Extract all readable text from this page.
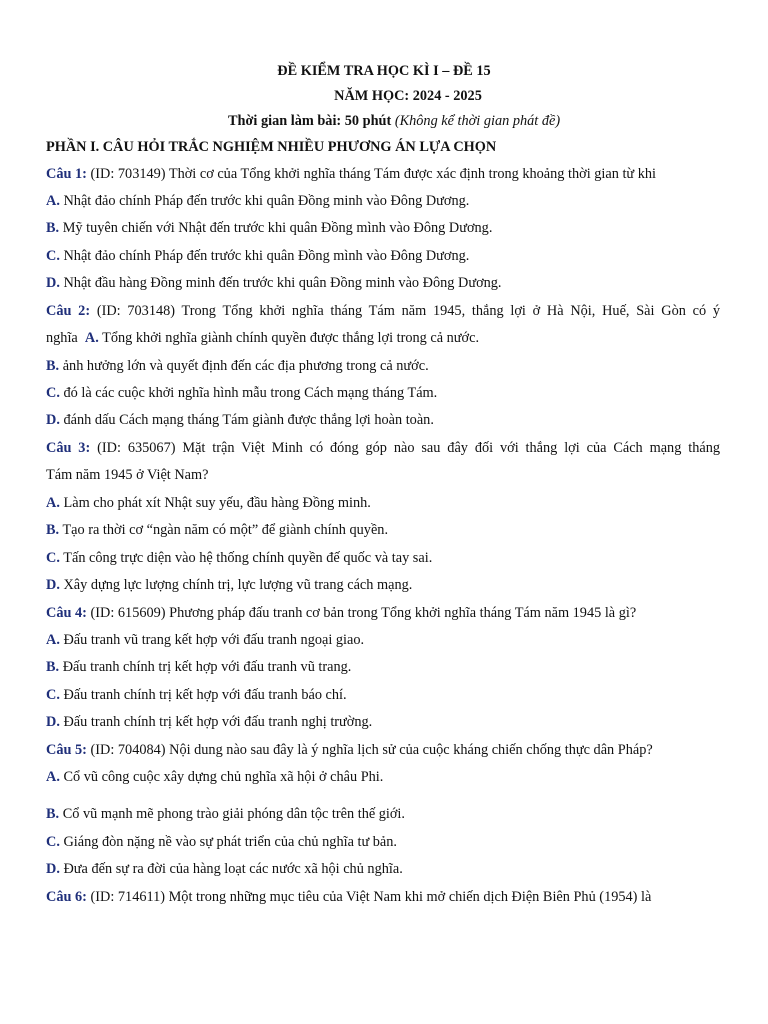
ĐỀ KIỂM TRA HỌC KÌ I – ĐỀ 15
NĂM HỌC: 2024 - 2025
Thời gian làm bài: 50 phút (Không kể thời gian phát đề)
PHẦN I. CÂU HỎI TRẮC NGHIỆM NHIỀU PHƯƠNG ÁN LỰA CHỌN
Câu 1: (ID: 703149) Thời cơ của Tổng khởi nghĩa tháng Tám được xác định trong khoảng thời gian từ khi
A. Nhật đảo chính Pháp đến trước khi quân Đồng minh vào Đông Dương.
B. Mỹ tuyên chiến với Nhật đến trước khi quân Đồng mình vào Đông Dương.
C. Nhật đảo chính Pháp đến trước khi quân Đồng mình vào Đông Dương.
D. Nhật đầu hàng Đồng minh đến trước khi quân Đồng minh vào Đông Dương.
Câu 2: (ID: 703148) Trong Tổng khởi nghĩa tháng Tám năm 1945, thắng lợi ở Hà Nội, Huế, Sài Gòn có ý
nghĩa A. Tổng khởi nghĩa giành chính quyền được thắng lợi trong cả nước.
B. ảnh hưởng lớn và quyết định đến các địa phương trong cả nước.
C. đó là các cuộc khởi nghĩa hình mẫu trong Cách mạng tháng Tám.
D. đánh dấu Cách mạng tháng Tám giành được thắng lợi hoàn toàn.
Câu 3: (ID: 635067) Mặt trận Việt Minh có đóng góp nào sau đây đối với thắng lợi của Cách mạng tháng
Tám năm 1945 ở Việt Nam?
A. Làm cho phát xít Nhật suy yếu, đầu hàng Đồng minh.
B. Tạo ra thời cơ “ngàn năm có một” để giành chính quyền.
C. Tấn công trực diện vào hệ thống chính quyền đế quốc và tay sai.
D. Xây dựng lực lượng chính trị, lực lượng vũ trang cách mạng.
Câu 4: (ID: 615609) Phương pháp đấu tranh cơ bản trong Tổng khởi nghĩa tháng Tám năm 1945 là gì?
A. Đấu tranh vũ trang kết hợp với đấu tranh ngoại giao.
B. Đấu tranh chính trị kết hợp với đấu tranh vũ trang.
C. Đấu tranh chính trị kết hợp với đấu tranh báo chí.
D. Đấu tranh chính trị kết hợp với đấu tranh nghị trường.
Câu 5: (ID: 704084) Nội dung nào sau đây là ý nghĩa lịch sử của cuộc kháng chiến chống thực dân Pháp?
A. Cổ vũ công cuộc xây dựng chủ nghĩa xã hội ở châu Phi.
B. Cổ vũ mạnh mẽ phong trào giải phóng dân tộc trên thế giới.
C. Giáng đòn nặng nề vào sự phát triển của chủ nghĩa tư bản.
D. Đưa đến sự ra đời của hàng loạt các nước xã hội chủ nghĩa.
Câu 6: (ID: 714611) Một trong những mục tiêu của Việt Nam khi mở chiến dịch Điện Biên Phủ (1954) là
